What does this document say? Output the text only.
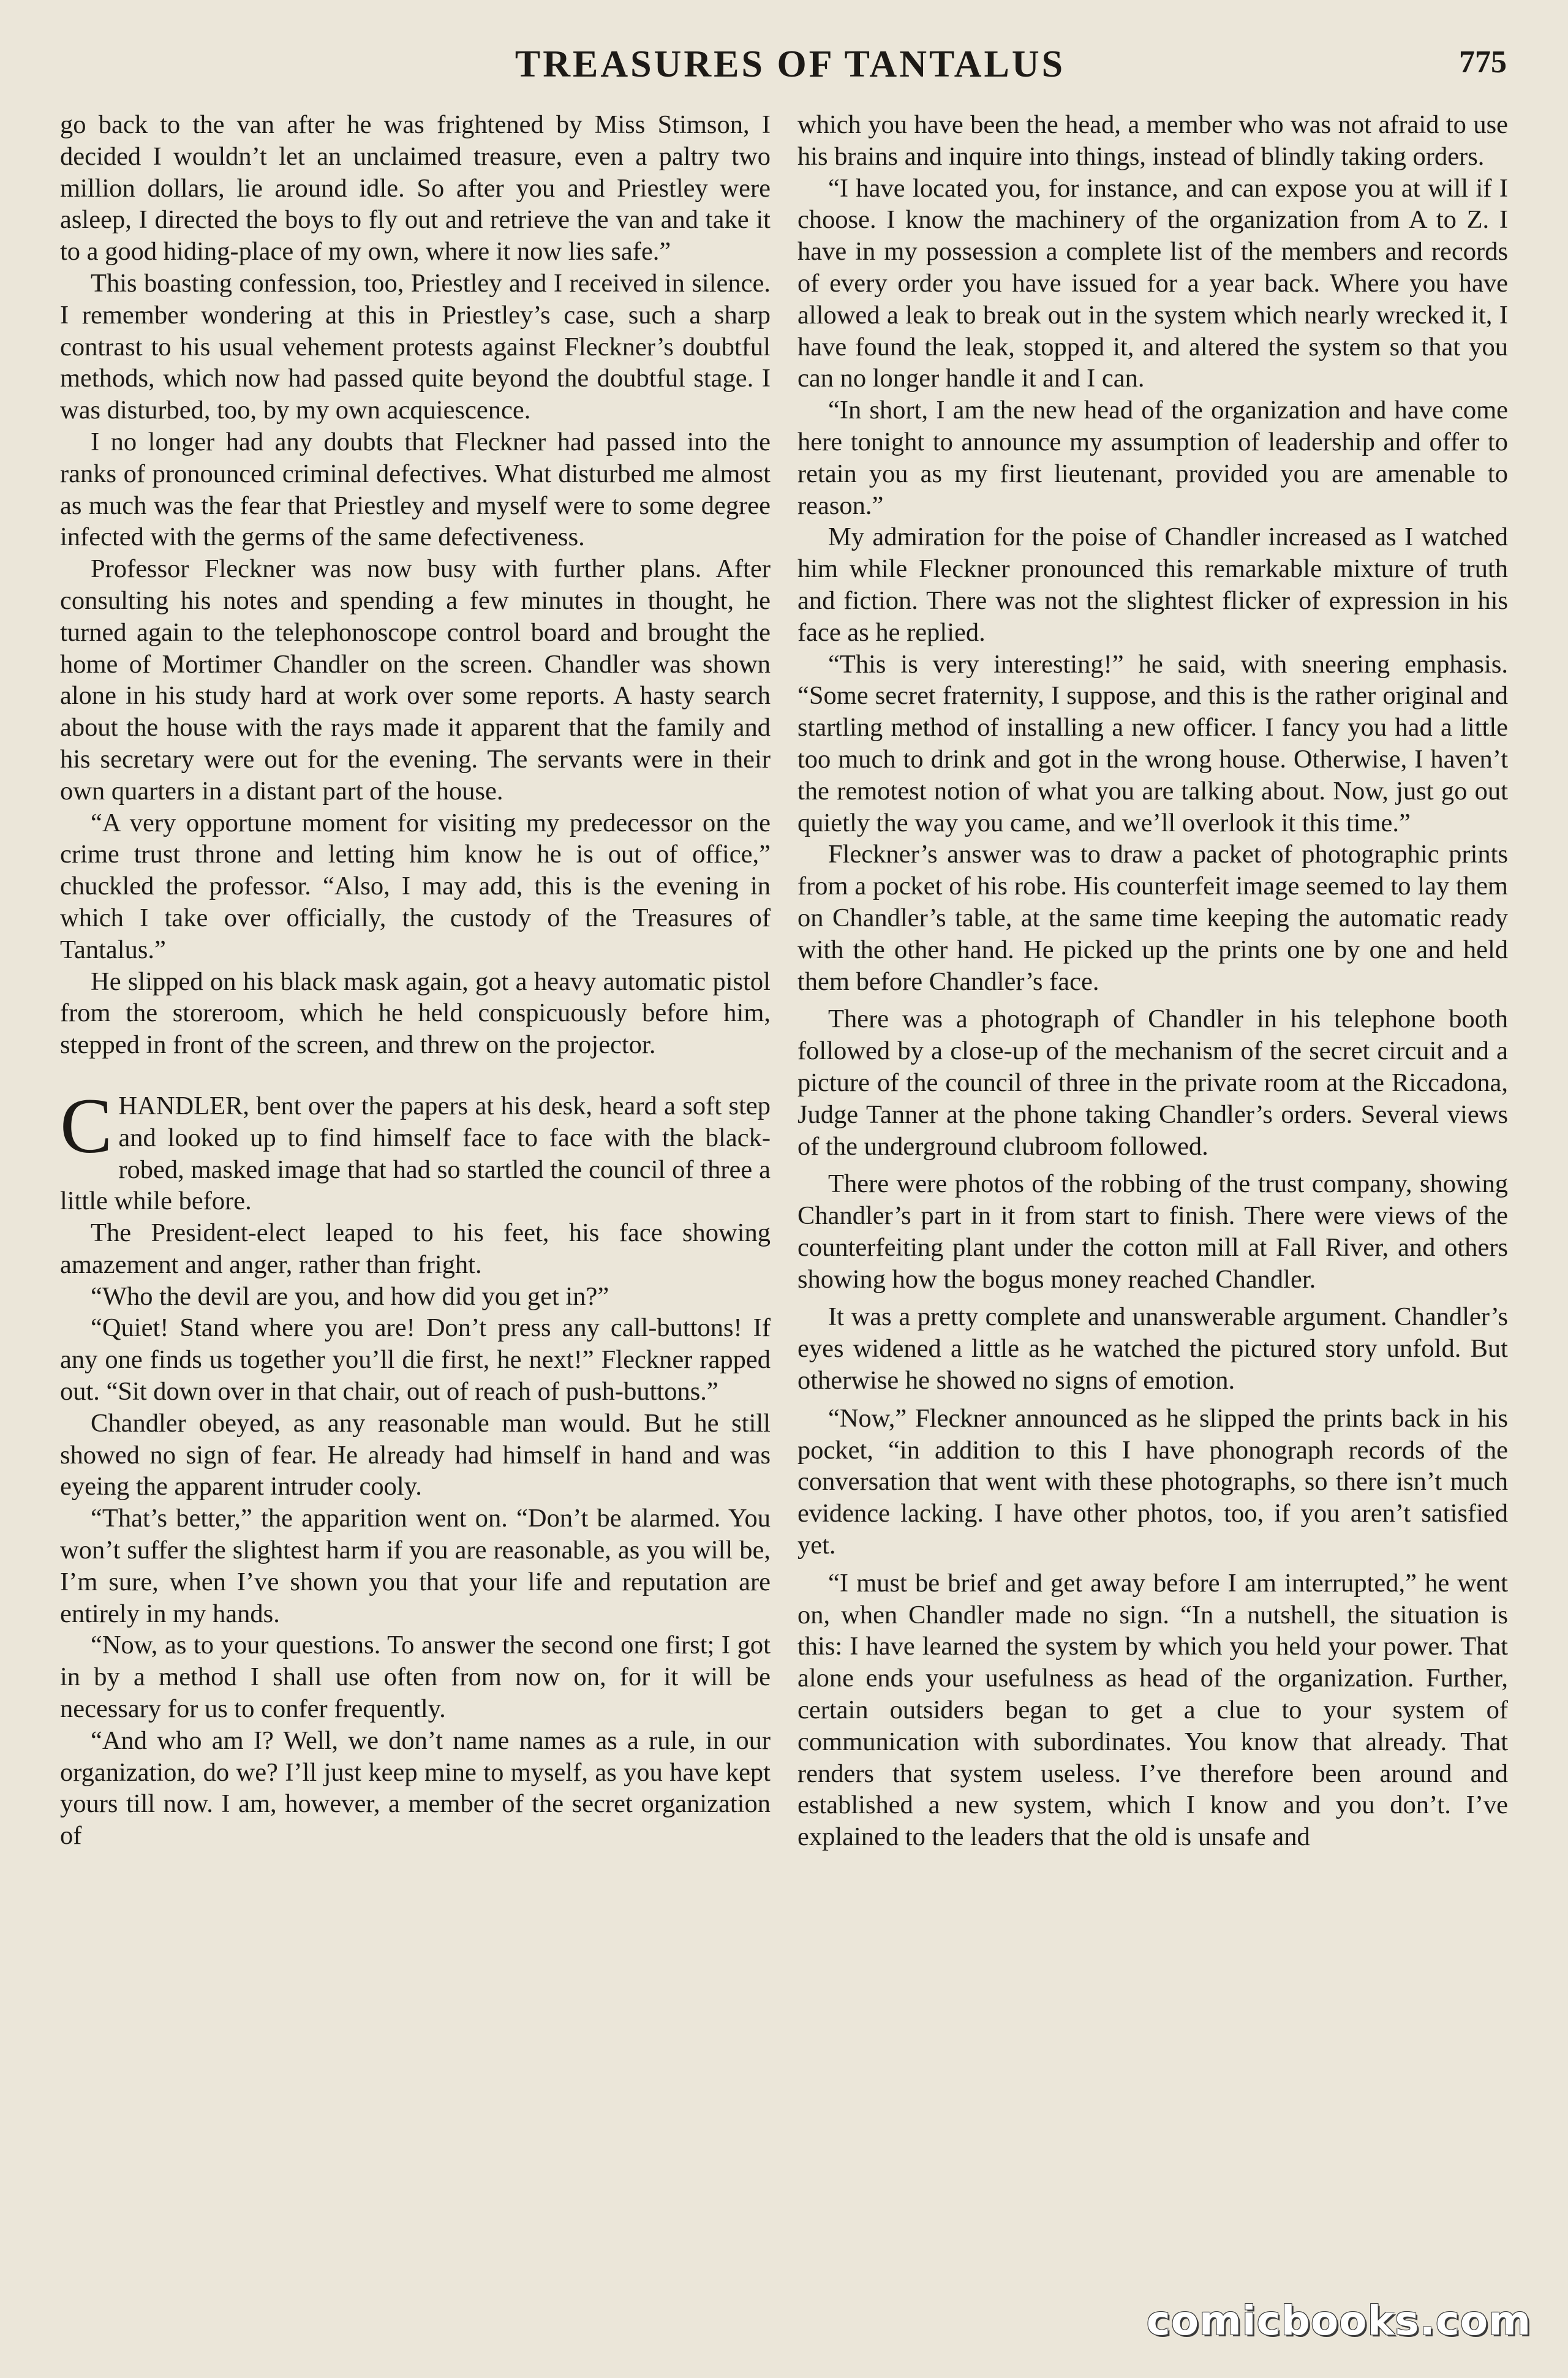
TREASURES OF TANTALUS	775

go back to the van after he was frightened by Miss Stimson, I decided I wouldn’t let an unclaimed treasure, even a paltry two million dollars, lie around idle. So after you and Priestley were asleep, I directed the boys to fly out and retrieve the van and take it to a good hiding-place of my own, where it now lies safe.”

This boasting confession, too, Priestley and I received in silence. I remember wondering at this in Priestley’s case, such a sharp contrast to his usual vehement protests against Fleckner’s doubtful methods, which now had passed quite beyond the doubtful stage. I was disturbed, too, by my own acquiescence.

I no longer had any doubts that Fleckner had passed into the ranks of pronounced criminal defectives. What disturbed me almost as much was the fear that Priestley and myself were to some degree infected with the germs of the same defectiveness.

Professor Fleckner was now busy with further plans. After consulting his notes and spending a few minutes in thought, he turned again to the telephonoscope control board and brought the home of Mortimer Chandler on the screen. Chandler was shown alone in his study hard at work over some reports. A hasty search about the house with the rays made it apparent that the family and his secretary were out for the evening. The servants were in their own quarters in a distant part of the house.

“A very opportune moment for visiting my predecessor on the crime trust throne and letting him know he is out of office,” chuckled the professor. “Also, I may add, this is the evening in which I take over officially, the custody of the Treasures of Tantalus.”

He slipped on his black mask again, got a heavy automatic pistol from the storeroom, which he held conspicuously before him, stepped in front of the screen, and threw on the projector.

CHANDLER, bent over the papers at his desk, heard a soft step and looked up to find himself face to face with the black-robed, masked image that had so startled the council of three a little while before.

The President-elect leaped to his feet, his face showing amazement and anger, rather than fright.

“Who the devil are you, and how did you get in?”

“Quiet! Stand where you are! Don’t press any call-buttons! If any one finds us together you’ll die first, he next!” Fleckner rapped out. “Sit down over in that chair, out of reach of push-buttons.”

Chandler obeyed, as any reasonable man would. But he still showed no sign of fear. He already had himself in hand and was eyeing the apparent intruder cooly.

“That’s better,” the apparition went on. “Don’t be alarmed. You won’t suffer the slightest harm if you are reasonable, as you will be, I’m sure, when I’ve shown you that your life and reputation are entirely in my hands.

“Now, as to your questions. To answer the second one first; I got in by a method I shall use often from now on, for it will be necessary for us to confer frequently.

“And who am I? Well, we don’t name names as a rule, in our organization, do we? I’ll just keep mine to myself, as you have kept yours till now. I am, however, a member of the secret organization of

which you have been the head, a member who was not afraid to use his brains and inquire into things, instead of blindly taking orders.

“I have located you, for instance, and can expose you at will if I choose. I know the machinery of the organization from A to Z. I have in my possession a complete list of the members and records of every order you have issued for a year back. Where you have allowed a leak to break out in the system which nearly wrecked it, I have found the leak, stopped it, and altered the system so that you can no longer handle it and I can.

“In short, I am the new head of the organization and have come here tonight to announce my assumption of leadership and offer to retain you as my first lieutenant, provided you are amenable to reason.”

My admiration for the poise of Chandler increased as I watched him while Fleckner pronounced this remarkable mixture of truth and fiction. There was not the slightest flicker of expression in his face as he replied.

“This is very interesting!” he said, with sneering emphasis. “Some secret fraternity, I suppose, and this is the rather original and startling method of installing a new officer. I fancy you had a little too much to drink and got in the wrong house. Otherwise, I haven’t the remotest notion of what you are talking about. Now, just go out quietly the way you came, and we’ll overlook it this time.”

Fleckner’s answer was to draw a packet of photographic prints from a pocket of his robe. His counterfeit image seemed to lay them on Chandler’s table, at the same time keeping the automatic ready with the other hand. He picked up the prints one by one and held them before Chandler’s face.

There was a photograph of Chandler in his telephone booth followed by a close-up of the mechanism of the secret circuit and a picture of the council of three in the private room at the Riccadona, Judge Tanner at the phone taking Chandler’s orders. Several views of the underground clubroom followed.

There were photos of the robbing of the trust company, showing Chandler’s part in it from start to finish. There were views of the counterfeiting plant under the cotton mill at Fall River, and others showing how the bogus money reached Chandler.

It was a pretty complete and unanswerable argument. Chandler’s eyes widened a little as he watched the pictured story unfold. But otherwise he showed no signs of emotion.

“Now,” Fleckner announced as he slipped the prints back in his pocket, “in addition to this I have phonograph records of the conversation that went with these photographs, so there isn’t much evidence lacking. I have other photos, too, if you aren’t satisfied yet.

“I must be brief and get away before I am interrupted,” he went on, when Chandler made no sign. “In a nutshell, the situation is this: I have learned the system by which you held your power. That alone ends your usefulness as head of the organization. Further, certain outsiders began to get a clue to your system of communication with subordinates. You know that already. That renders that system useless. I’ve therefore been around and established a new system, which I know and you don’t. I’ve explained to the leaders that the old is unsafe and

comicbooks.com
